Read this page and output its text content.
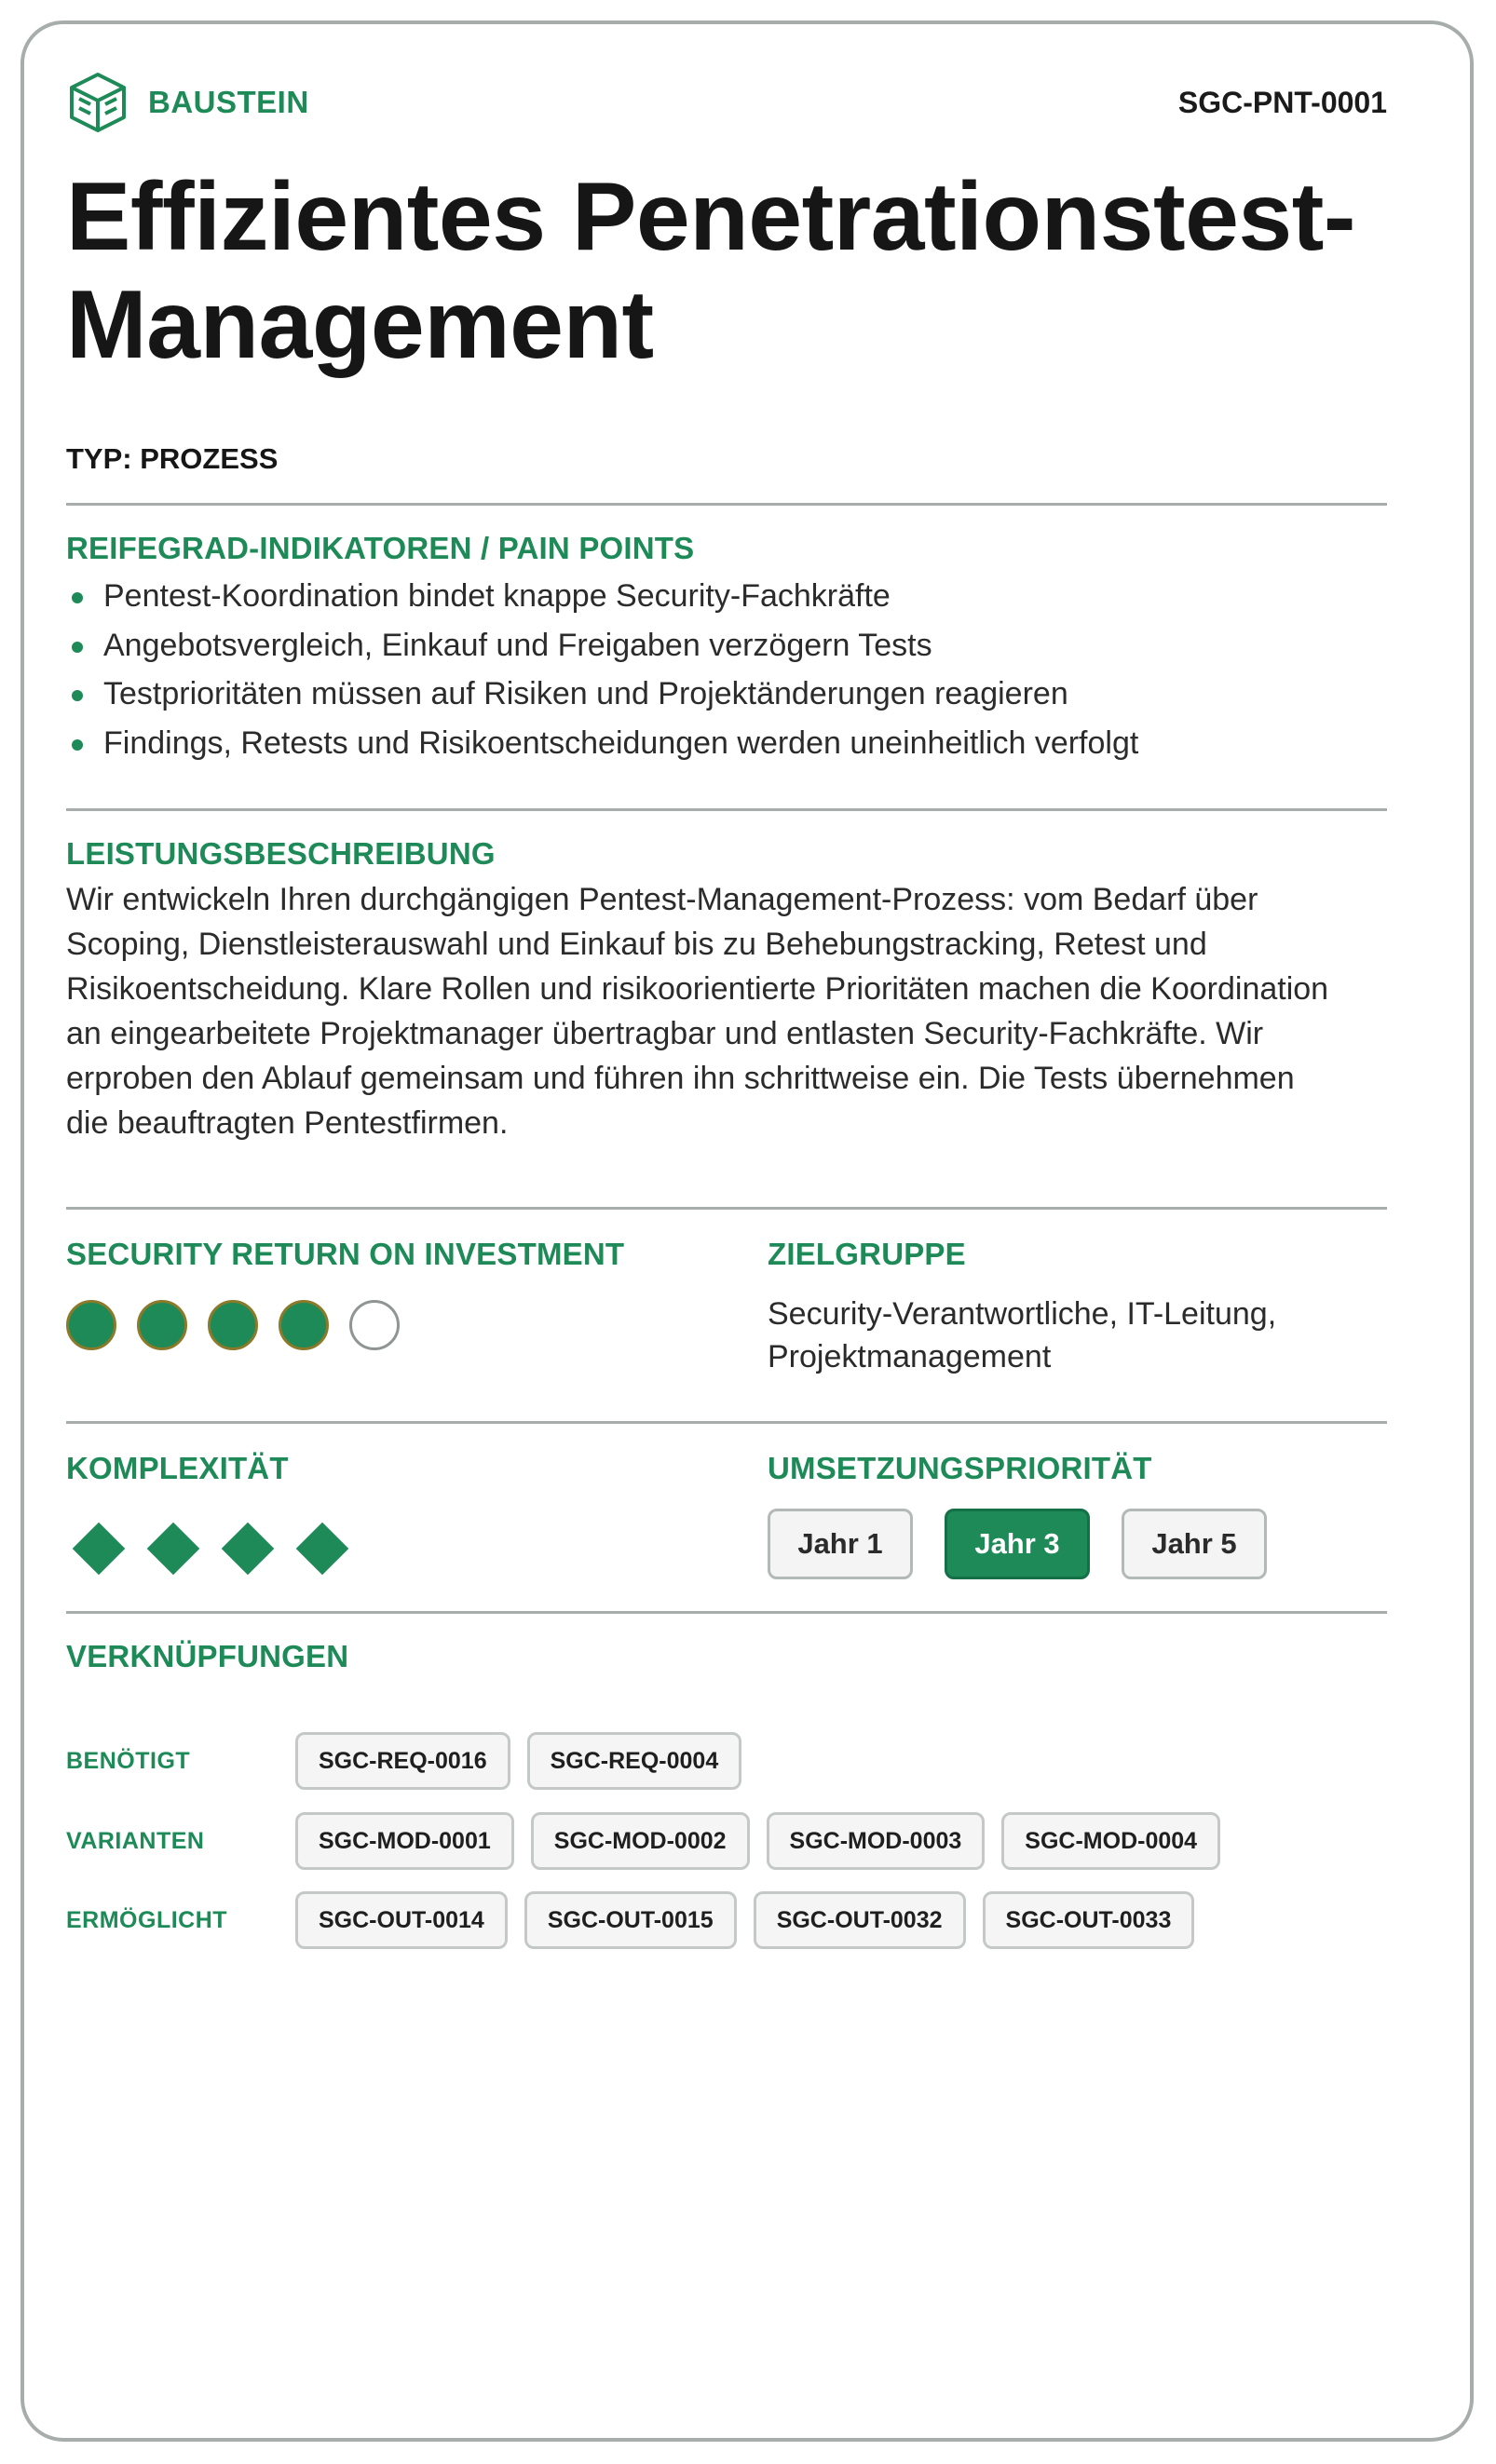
BAUSTEIN	SGC-PNT-0001
Effizientes Penetrationstest-
Management
TYP: PROZESS
REIFEGRAD-INDIKATOREN / PAIN POINTS
Pentest-Koordination bindet knappe Security-Fachkräfte
Angebotsvergleich, Einkauf und Freigaben verzögern Tests
Testprioritäten müssen auf Risiken und Projektänderungen reagieren
Findings, Retests und Risikoentscheidungen werden uneinheitlich verfolgt
LEISTUNGSBESCHREIBUNG

Wir entwickeln Ihren durchgängigen Pentest-Management-Prozess: vom Bedarf über
Scoping, Dienstleisterauswahl und Einkauf bis zu Behebungstracking, Retest und
Risikoentscheidung. Klare Rollen und risikoorientierte Prioritäten machen die Koordination
an eingearbeitete Projektmanager übertragbar und entlasten Security-Fachkräfte. Wir
erproben den Ablauf gemeinsam und führen ihn schrittweise ein. Die Tests übernehmen
die beauftragten Pentestfirmen.

SECURITY RETURN ON INVESTMENT	ZIELGRUPPE
Security-Verantwortliche, IT-Leitung,
Projektmanagement
KOMPLEXITÄT	UMSETZUNGSPRIORITÄT
Jahr 1	Jahr 3	Jahr 5
VERKNÜPFUNGEN
BENÖTIGT	SGC-REQ-0016	SGC-REQ-0004
VARIANTEN	SGC-MOD-0001	SGC-MOD-0002	SGC-MOD-0003	SGC-MOD-0004
ERMÖGLICHT	SGC-OUT-0014	SGC-OUT-0015	SGC-OUT-0032	SGC-OUT-0033
